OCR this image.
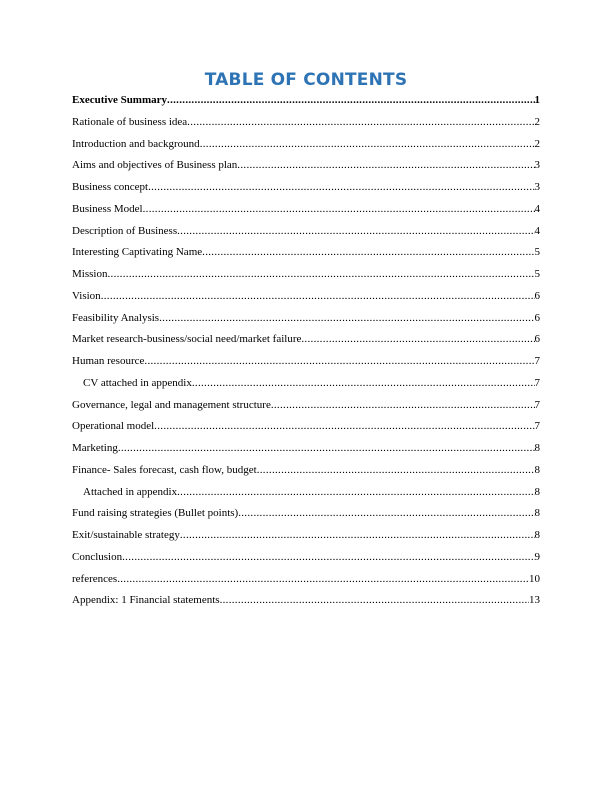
TABLE OF CONTENTS
Executive Summary .....	1
Rationale of business idea .....	2
Introduction and background .....	2
Aims and objectives of Business plan .....	3
Business concept .....	3
Business Model .....	4
Description of Business .....	4
Interesting Captivating Name .....	5
Mission .....	5
Vision .....	6
Feasibility Analysis .....	6
Market research-business/social need/market failure .....	6
Human resource .....	7
CV attached in appendix .....	7
Governance, legal and management structure .....	7
Operational model .....	7
Marketing .....	8
Finance- Sales forecast, cash flow, budget .....	8
Attached in appendix .....	8
Fund raising strategies (Bullet points) .....	8
Exit/sustainable strategy .....	8
Conclusion .....	9
references .....	10
Appendix: 1 Financial statements .....	13
